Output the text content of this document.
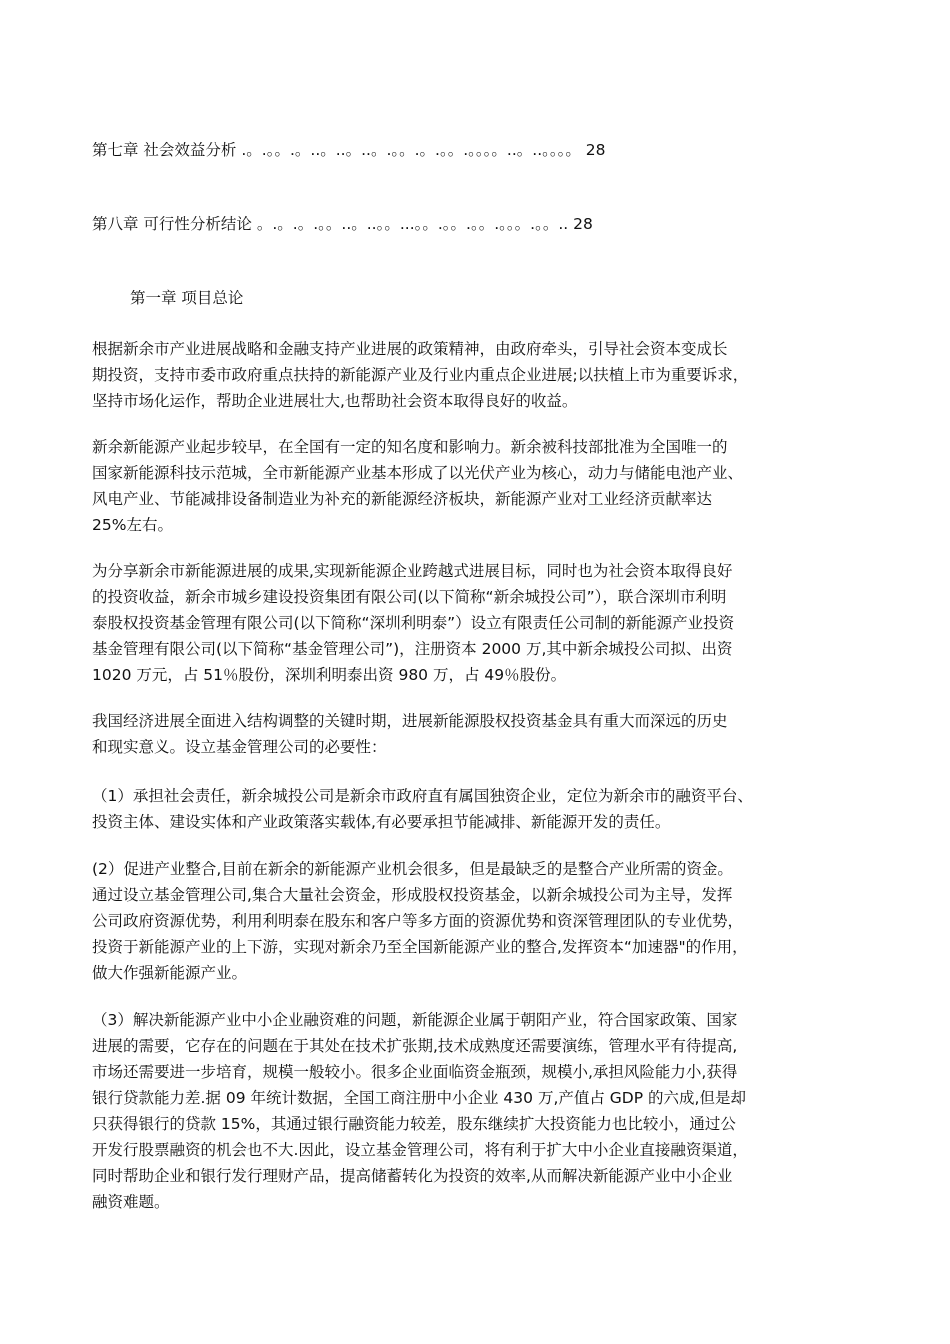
第七章 社会效益分析 .。.。。.。..。..。..。.。。.。.。。.。。。。..。..。。。。 28
第八章 可行性分析结论 。.。.。.。。..。..。。...。。.。。.。。.。。。.。。.. 28
第一章 项目总论
根据新余市产业进展战略和金融支持产业进展的政策精神，由政府牵头，引导社会资本变成长
期投资，支持市委市政府重点扶持的新能源产业及行业内重点企业进展;以扶植上市为重要诉求，
坚持市场化运作，帮助企业进展壮大,也帮助社会资本取得良好的收益。
新余新能源产业起步较早，在全国有一定的知名度和影响力。新余被科技部批准为全国唯一的
国家新能源科技示范城，全市新能源产业基本形成了以光伏产业为核心，动力与储能电池产业、
风电产业、节能减排设备制造业为补充的新能源经济板块，新能源产业对工业经济贡献率达
25%左右。
为分享新余市新能源进展的成果,实现新能源企业跨越式进展目标，同时也为社会资本取得良好
的投资收益，新余市城乡建设投资集团有限公司(以下简称“新余城投公司”），联合深圳市利明
泰股权投资基金管理有限公司(以下简称“深圳利明泰”）设立有限责任公司制的新能源产业投资
基金管理有限公司(以下简称“基金管理公司”)，注册资本 2000 万,其中新余城投公司拟、出资
1020 万元，占 51％股份，深圳利明泰出资 980 万，占 49％股份。
我国经济进展全面进入结构调整的关键时期，进展新能源股权投资基金具有重大而深远的历史
和现实意义。设立基金管理公司的必要性：
（1）承担社会责任，新余城投公司是新余市政府直有属国独资企业，定位为新余市的融资平台、
投资主体、建设实体和产业政策落实载体,有必要承担节能减排、新能源开发的责任。
(2）促进产业整合,目前在新余的新能源产业机会很多，但是最缺乏的是整合产业所需的资金。
通过设立基金管理公司,集合大量社会资金，形成股权投资基金，以新余城投公司为主导，发挥
公司政府资源优势，利用利明泰在股东和客户等多方面的资源优势和资深管理团队的专业优势，
投资于新能源产业的上下游，实现对新余乃至全国新能源产业的整合,发挥资本“加速器"的作用，
做大作强新能源产业。
（3）解决新能源产业中小企业融资难的问题，新能源企业属于朝阳产业，符合国家政策、国家
进展的需要，它存在的问题在于其处在技术扩张期,技术成熟度还需要演练，管理水平有待提高,
市场还需要进一步培育，规模一般较小。很多企业面临资金瓶颈，规模小,承担风险能力小,获得
银行贷款能力差.据 09 年统计数据，全国工商注册中小企业 430 万,产值占 GDP 的六成,但是却
只获得银行的贷款 15%，其通过银行融资能力较差，股东继续扩大投资能力也比较小，通过公
开发行股票融资的机会也不大.因此，设立基金管理公司，将有利于扩大中小企业直接融资渠道，
同时帮助企业和银行发行理财产品，提高储蓄转化为投资的效率,从而解决新能源产业中小企业
融资难题。
